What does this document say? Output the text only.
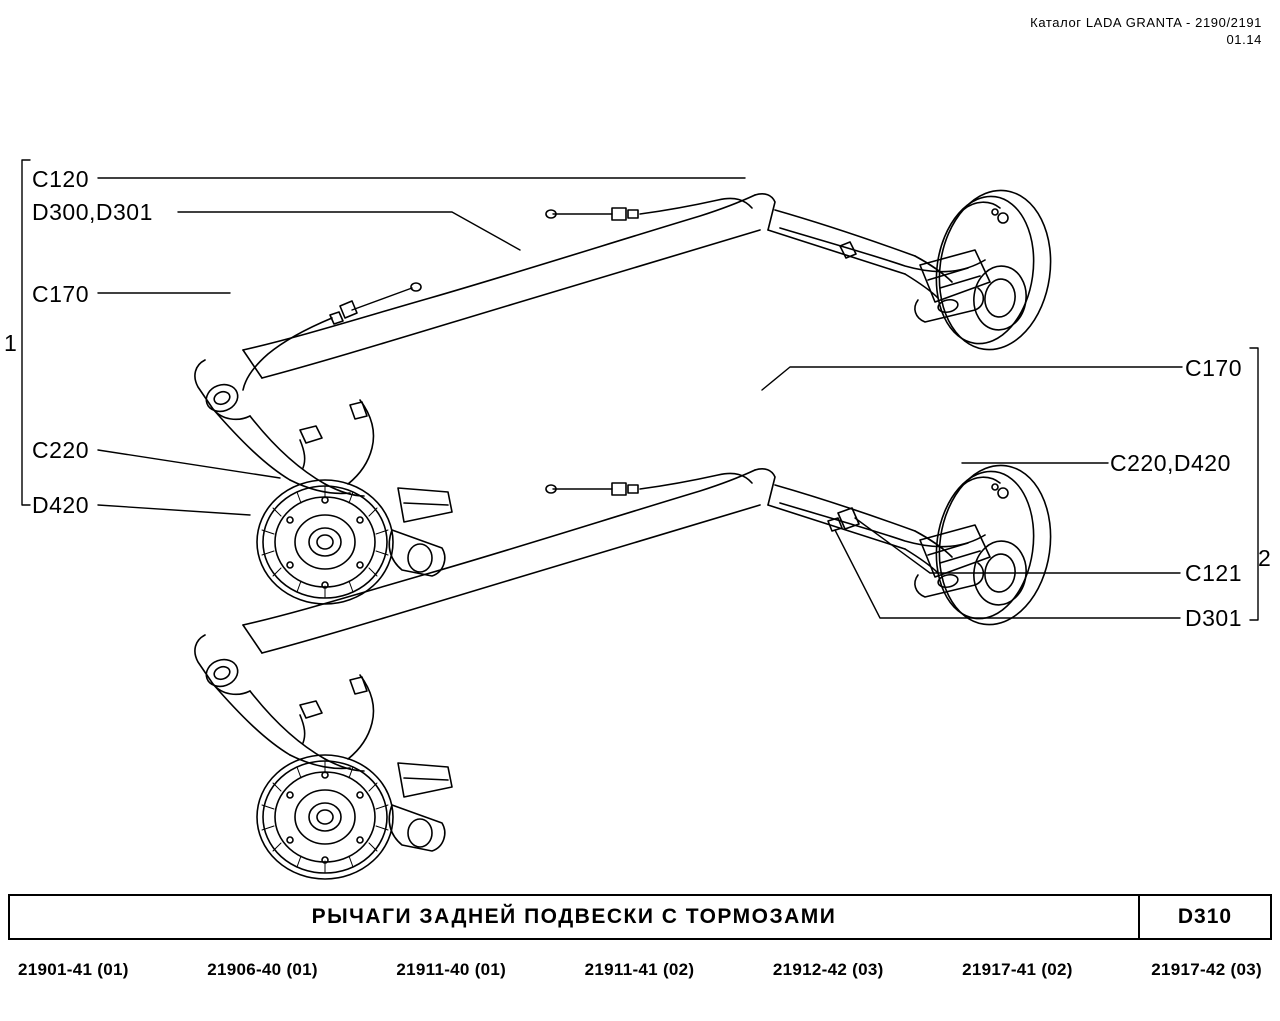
Каталог LADA GRANTA - 2190/2191
01.14
1
2
C120
D300,D301
C170
C220
D420
C170
C220,D420
C121
D301
РЫЧАГИ ЗАДНЕЙ ПОДВЕСКИ С ТОРМОЗАМИ	D310
21901-41 (01)	21906-40 (01)	21911-40 (01)	21911-41 (02)	21912-42 (03)	21917-41 (02)	21917-42 (03)
